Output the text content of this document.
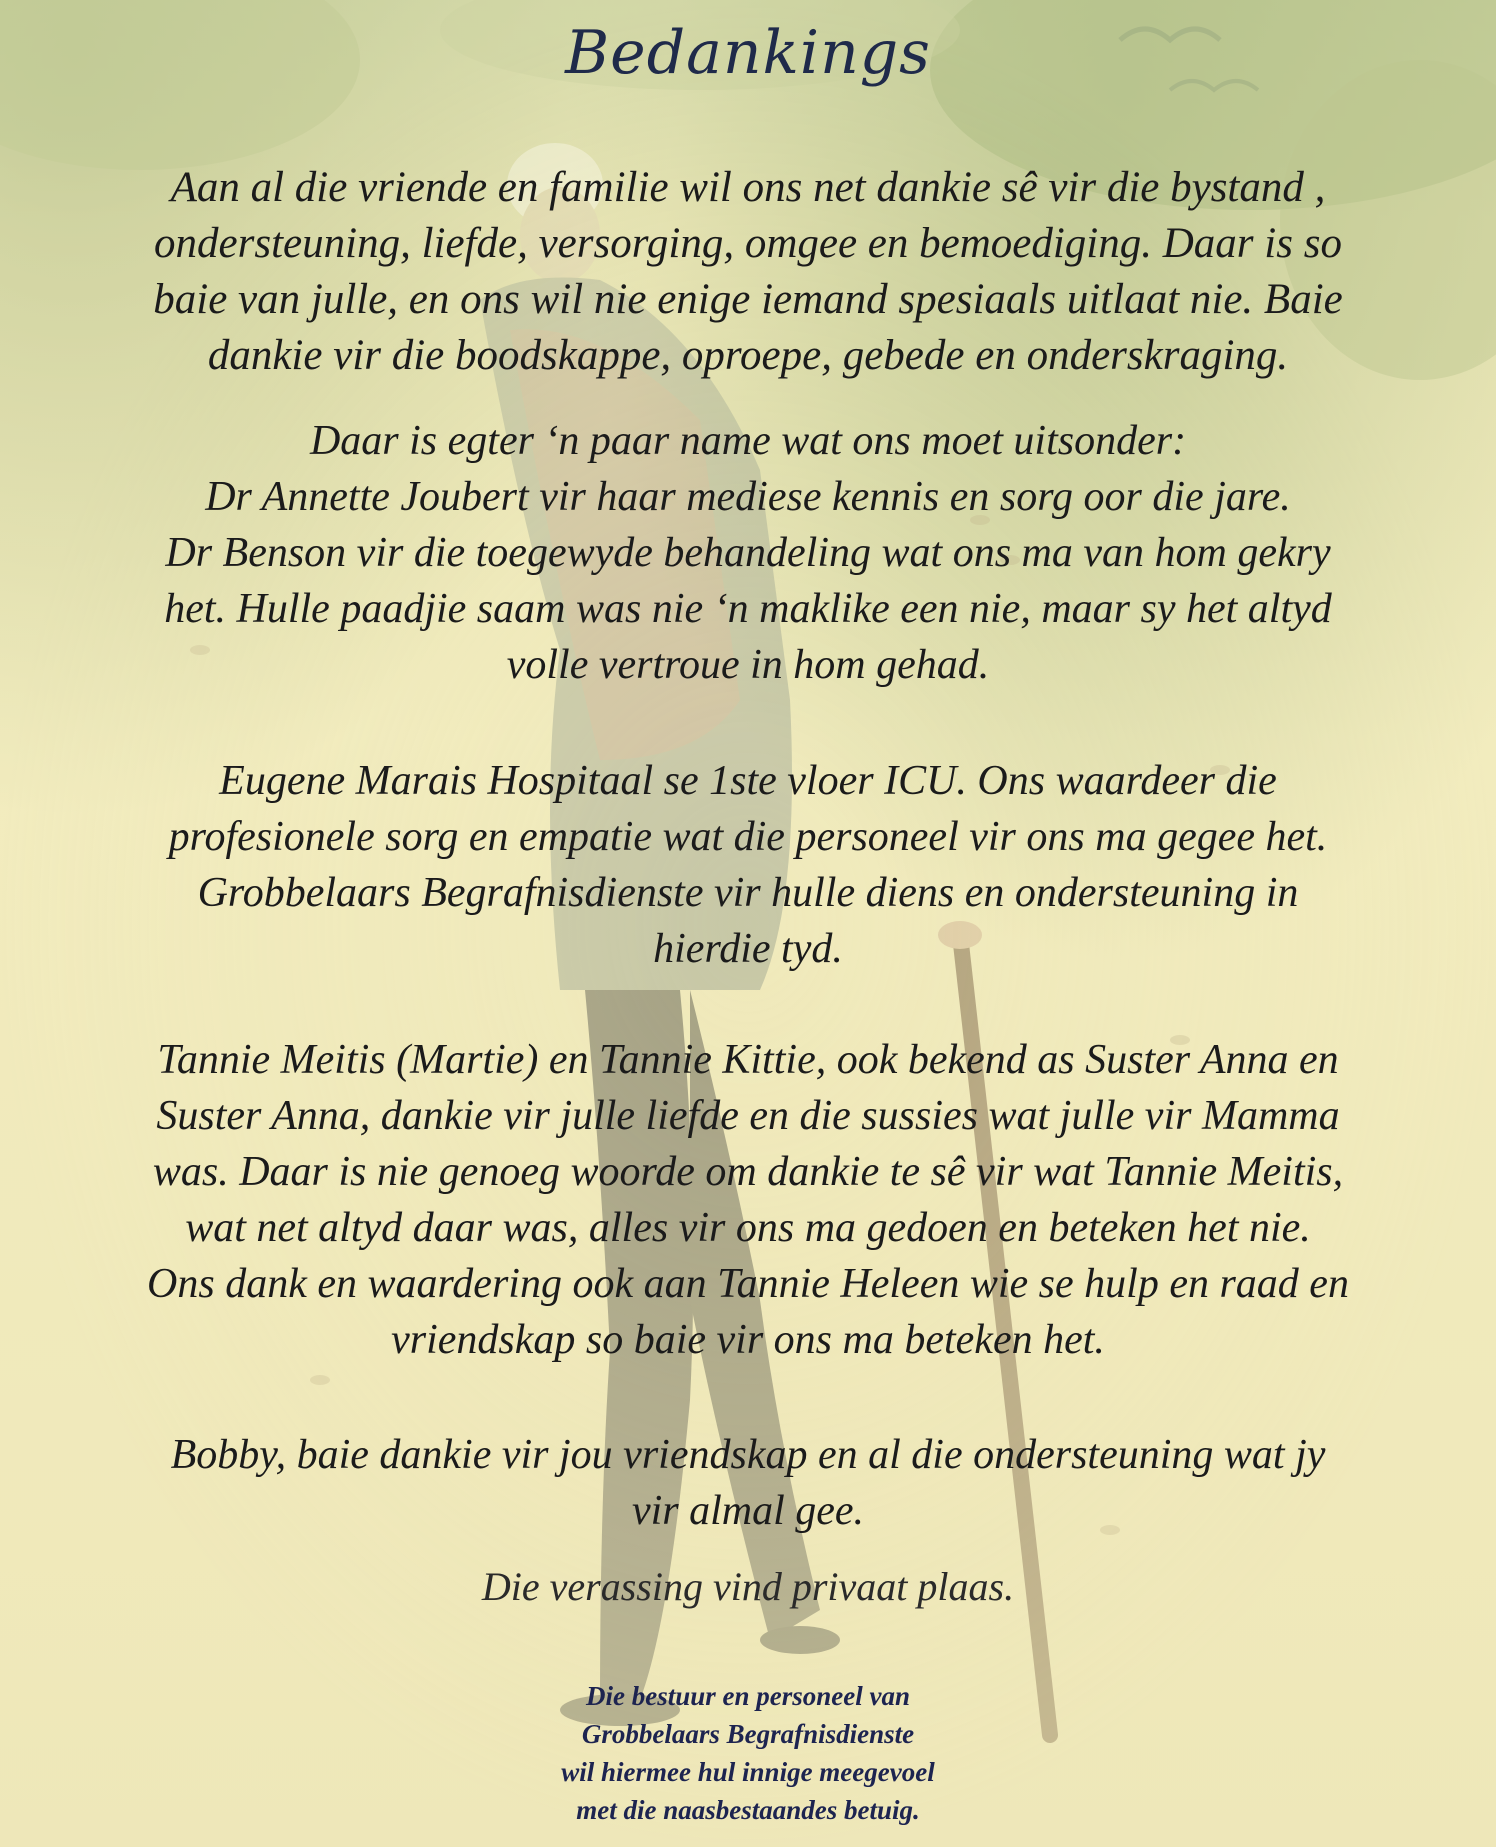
Bedankings
Aan al die vriende en familie wil ons net dankie sê vir die bystand ,
ondersteuning, liefde, versorging, omgee en bemoediging. Daar is so
baie van julle, en ons wil nie enige iemand spesiaals uitlaat nie. Baie
dankie vir die boodskappe, oproepe, gebede en onderskraging.
Daar is egter ‘n paar name wat ons moet uitsonder:
Dr Annette Joubert vir haar mediese kennis en sorg oor die jare.
Dr Benson vir die toegewyde behandeling wat ons ma van hom gekry
het. Hulle paadjie saam was nie ‘n maklike een nie, maar sy het altyd
volle vertroue in hom gehad.
Eugene Marais Hospitaal se 1ste vloer ICU. Ons waardeer die
profesionele sorg en empatie wat die personeel vir ons ma gegee het.
Grobbelaars Begrafnisdienste vir hulle diens en ondersteuning in
hierdie tyd.
Tannie Meitis (Martie) en Tannie Kittie, ook bekend as Suster Anna en
Suster Anna, dankie vir julle liefde en die sussies wat julle vir Mamma
was. Daar is nie genoeg woorde om dankie te sê vir wat Tannie Meitis,
wat net altyd daar was, alles vir ons ma gedoen en beteken het nie.
Ons dank en waardering ook aan Tannie Heleen wie se hulp en raad en
vriendskap so baie vir ons ma beteken het.
Bobby, baie dankie vir jou vriendskap en al die ondersteuning wat jy
vir almal gee.
Die verassing vind privaat plaas.
Die bestuur en personeel van
Grobbelaars Begrafnisdienste
wil hiermee hul innige meegevoel
met die naasbestaandes betuig.
